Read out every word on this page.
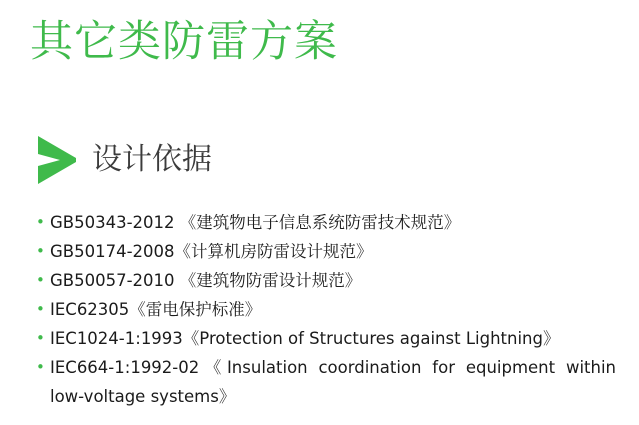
其它类防雷方案
设计依据
• GB50343-2012 《建筑物电子信息系统防雷技术规范》
• GB50174-2008《计算机房防雷设计规范》
• GB50057-2010 《建筑物防雷设计规范》
• IEC62305《雷电保护标准》
• IEC1024-1:1993《Protection of Structures against Lightning》
• IEC664-1:1992-02《Insulation coordination for equipment within low-voltage systems》
